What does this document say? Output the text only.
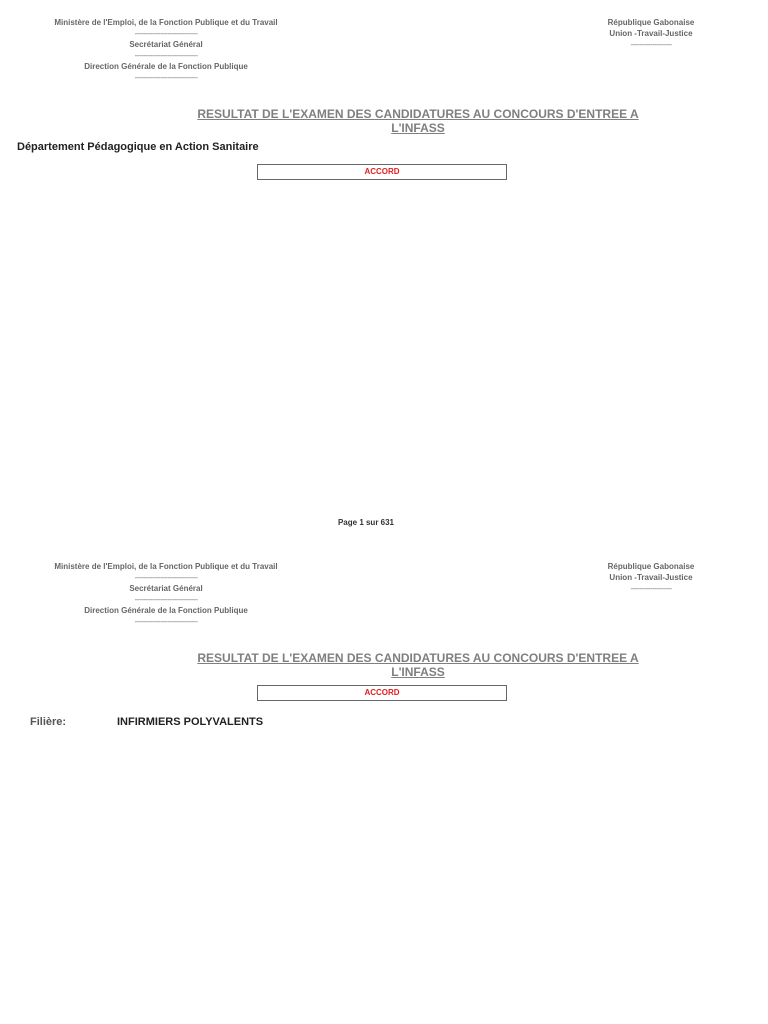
Ministère de l'Emploi, de la Fonction Publique et du Travail
-----------------------------
Secrétariat Général
-----------------------------
Direction Générale de la Fonction Publique
-----------------------------
République Gabonaise
Union -Travail-Justice
-------------------
RESULTAT DE L'EXAMEN DES CANDIDATURES AU CONCOURS D'ENTREE A
L'INFASS
Département Pédagogique en Action Sanitaire
ACCORD
Page 1 sur 631
Ministère de l'Emploi, de la Fonction Publique et du Travail
-----------------------------
Secrétariat Général
-----------------------------
Direction Générale de la Fonction Publique
-----------------------------
République Gabonaise
Union -Travail-Justice
-------------------
RESULTAT DE L'EXAMEN DES CANDIDATURES AU CONCOURS D'ENTREE A
L'INFASS
ACCORD
Filière:	INFIRMIERS POLYVALENTS
